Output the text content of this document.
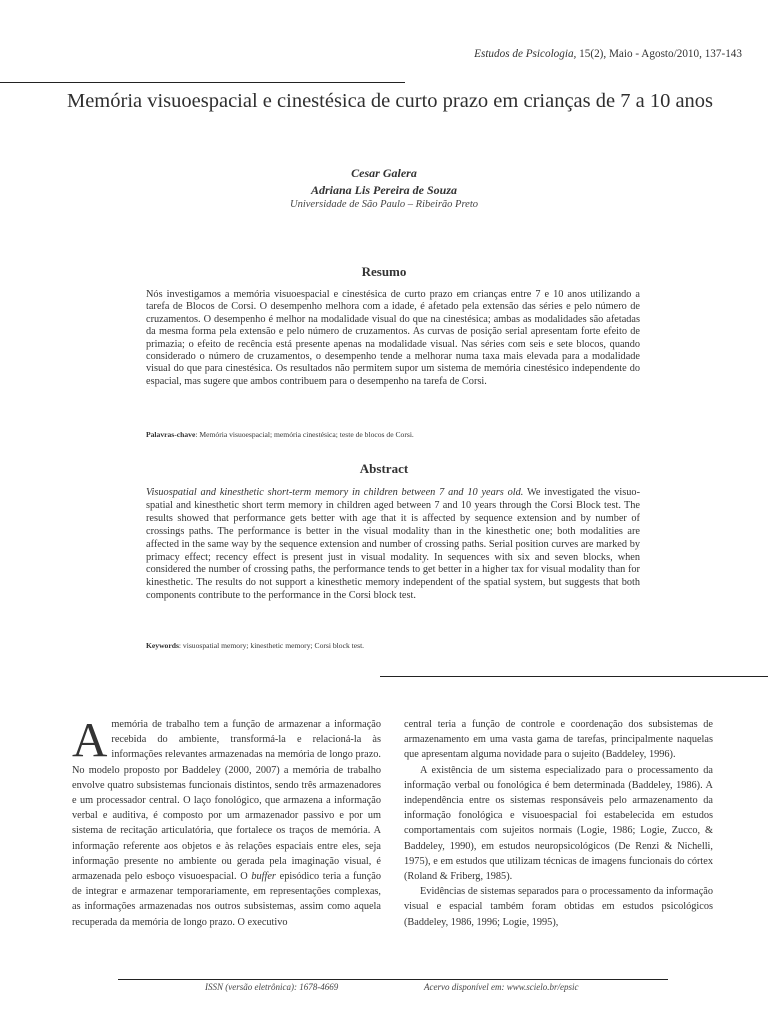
Estudos de Psicologia, 15(2), Maio - Agosto/2010, 137-143
Memória visuoespacial e cinestésica de curto prazo em crianças de 7 a 10 anos
Cesar Galera
Adriana Lis Pereira de Souza
Universidade de São Paulo – Ribeirão Preto
Resumo
Nós investigamos a memória visuoespacial e cinestésica de curto prazo em crianças entre 7 e 10 anos utilizando a tarefa de Blocos de Corsi. O desempenho melhora com a idade, é afetado pela extensão das séries e pelo número de cruzamentos. O desempenho é melhor na modalidade visual do que na cinestésica; ambas as modalidades são afetadas da mesma forma pela extensão e pelo número de cruzamentos. As curvas de posição serial apresentam forte efeito de primazia; o efeito de recência está presente apenas na modalidade visual. Nas séries com seis e sete blocos, quando considerado o número de cruzamentos, o desempenho tende a melhorar numa taxa mais elevada para a modalidade visual do que para cinestésica. Os resultados não permitem supor um sistema de memória cinestésico independente do espacial, mas sugere que ambos contribuem para o desempenho na tarefa de Corsi.
Palavras-chave: Memória visuoespacial; memória cinestésica; teste de blocos de Corsi.
Abstract
Visuospatial and kinesthetic short-term memory in children between 7 and 10 years old. We investigated the visuo-spatial and kinesthetic short term memory in children aged between 7 and 10 years through the Corsi Block test. The results showed that performance gets better with age that it is affected by sequence extension and by number of crossings paths. The performance is better in the visual modality than in the kinesthetic one; both modalities are affected in the same way by the sequence extension and number of crossing paths. Serial position curves are marked by primacy effect; recency effect is present just in visual modality. In sequences with six and seven blocks, when considered the number of crossing paths, the performance tends to get better in a higher tax for visual modality than for kinesthetic. The results do not support a kinesthetic memory independent of the spatial system, but suggests that both components contribute to the performance in the Corsi block test.
Keywords: visuospatial memory; kinesthetic memory; Corsi block test.

A memória de trabalho tem a função de armazenar a informação recebida do ambiente, transformá-la e relacioná-la às informações relevantes armazenadas na memória de longo prazo. No modelo proposto por Baddeley (2000, 2007) a memória de trabalho envolve quatro subsistemas funcionais distintos, sendo três armazenadores e um processador central. O laço fonológico, que armazena a informação verbal e auditiva, é composto por um armazenador passivo e por um sistema de recitação articulatória, que fortalece os traços de memória. A informação referente aos objetos e às relações espaciais entre eles, seja informação presente no ambiente ou gerada pela imaginação visual, é armazenada pelo esboço visuoespacial. O buffer episódico teria a função de integrar e armazenar temporariamente, em representações complexas, as informações armazenadas nos outros subsistemas, assim como aquela recuperada da memória de longo prazo. O executivo

central teria a função de controle e coordenação dos subsistemas de armazenamento em uma vasta gama de tarefas, principalmente naquelas que apresentam alguma novidade para o sujeito (Baddeley, 1996).

A existência de um sistema especializado para o processamento da informação verbal ou fonológica é bem determinada (Baddeley, 1986). A independência entre os sistemas responsáveis pelo armazenamento da informação fonológica e visuoespacial foi estabelecida em estudos comportamentais com sujeitos normais (Logie, 1986; Logie, Zucco, & Baddeley, 1990), em estudos neuropsicológicos (De Renzi & Nichelli, 1975), e em estudos que utilizam técnicas de imagens funcionais do córtex (Roland & Friberg, 1985).

Evidências de sistemas separados para o processamento da informação visual e espacial também foram obtidas em estudos psicológicos (Baddeley, 1986, 1996; Logie, 1995),

ISSN (versão eletrônica): 1678-4669	Acervo disponível em: www.scielo.br/epsic
